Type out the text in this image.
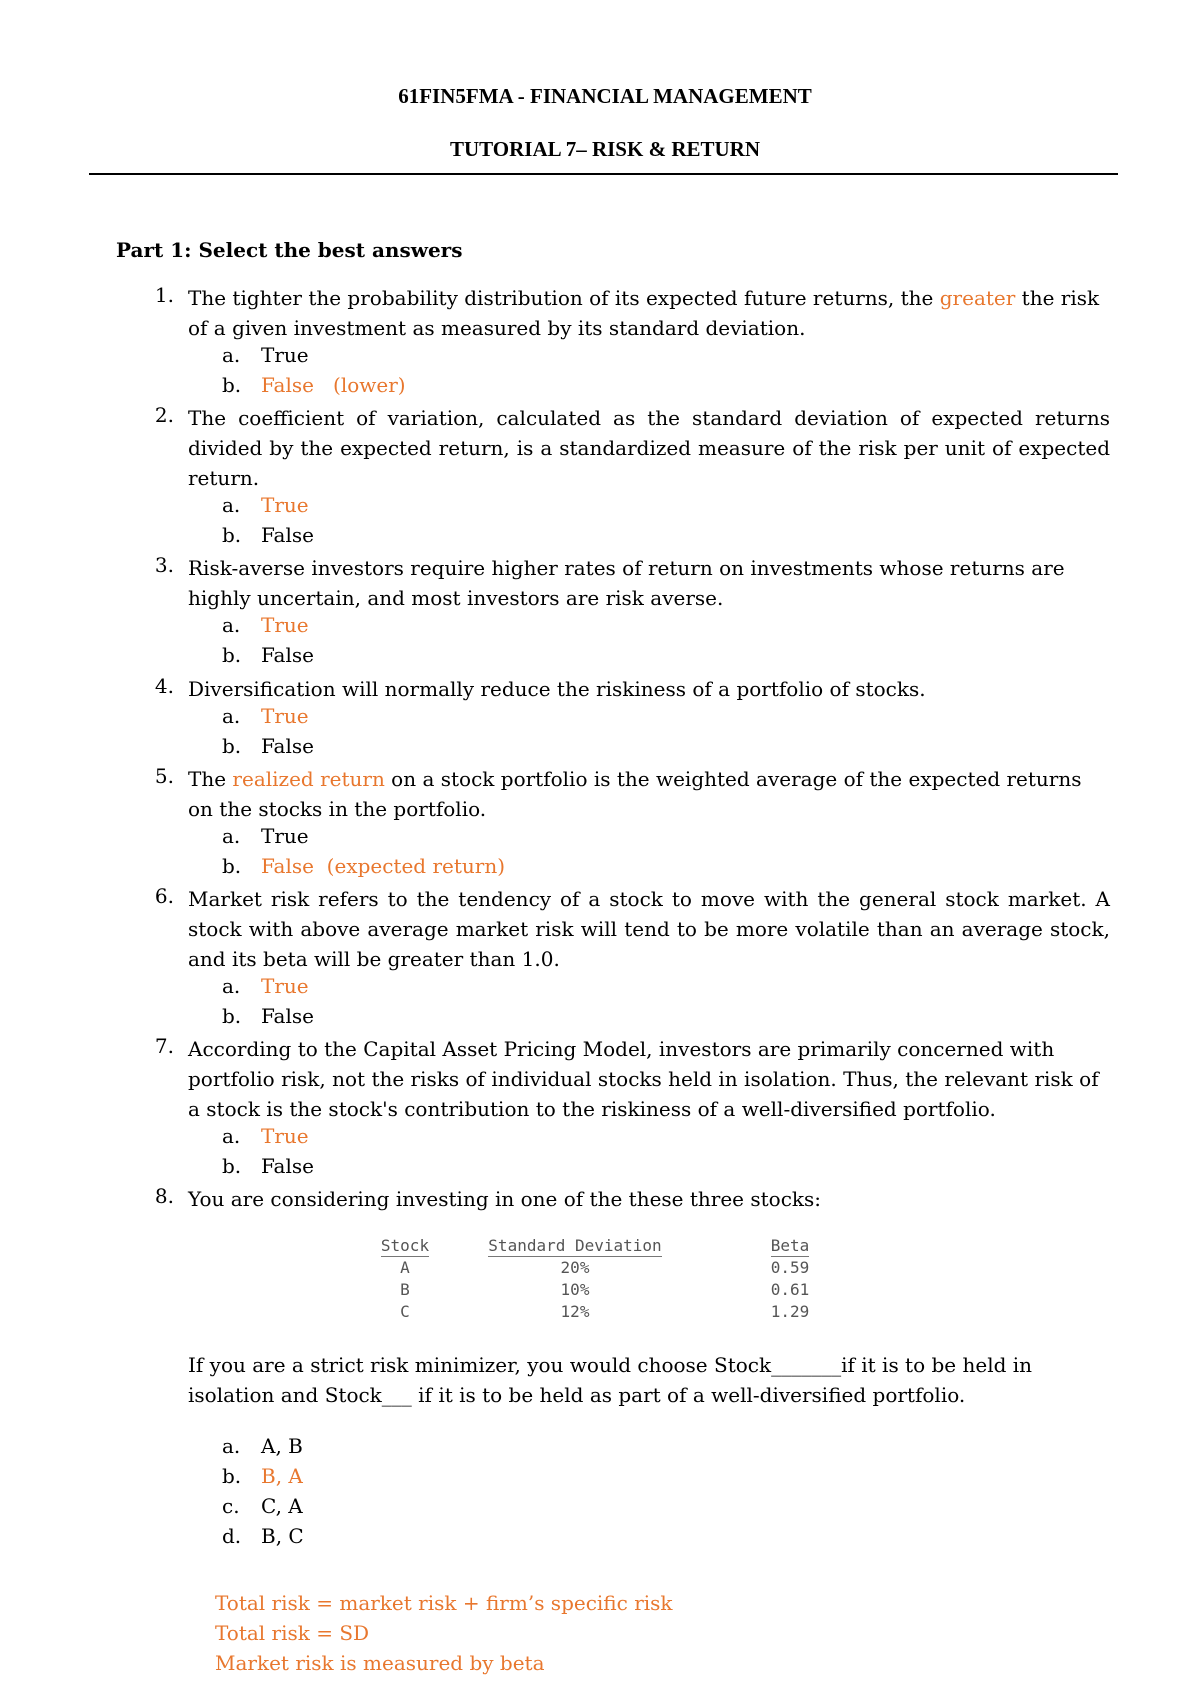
61FIN5FMA - FINANCIAL MANAGEMENT
TUTORIAL 7– RISK & RETURN
Part 1: Select the best answers
1. The tighter the probability distribution of its expected future returns, the greater the risk of a given investment as measured by its standard deviation.
a. True
b. False   (lower)
2. The coefficient of variation, calculated as the standard deviation of expected returns divided by the expected return, is a standardized measure of the risk per unit of expected return.
a. True
b. False
3. Risk-averse investors require higher rates of return on investments whose returns are highly uncertain, and most investors are risk averse.
a. True
b. False
4. Diversification will normally reduce the riskiness of a portfolio of stocks.
a. True
b. False
5. The realized return on a stock portfolio is the weighted average of the expected returns on the stocks in the portfolio.
a. True
b. False  (expected return)
6. Market risk refers to the tendency of a stock to move with the general stock market. A stock with above average market risk will tend to be more volatile than an average stock, and its beta will be greater than 1.0.
a. True
b. False
7. According to the Capital Asset Pricing Model, investors are primarily concerned with portfolio risk, not the risks of individual stocks held in isolation. Thus, the relevant risk of a stock is the stock's contribution to the riskiness of a well-diversified portfolio.
a. True
b. False
8. You are considering investing in one of the these three stocks:
Stock	Standard Deviation	Beta
A	20%	0.59
B	10%	0.61
C	12%	1.29
If you are a strict risk minimizer, you would choose Stock_______if it is to be held in isolation and Stock___ if it is to be held as part of a well-diversified portfolio.
a. A, B
b. B, A
c. C, A
d. B, C
Total risk = market risk + firm’s specific risk
Total risk = SD
Market risk is measured by beta
